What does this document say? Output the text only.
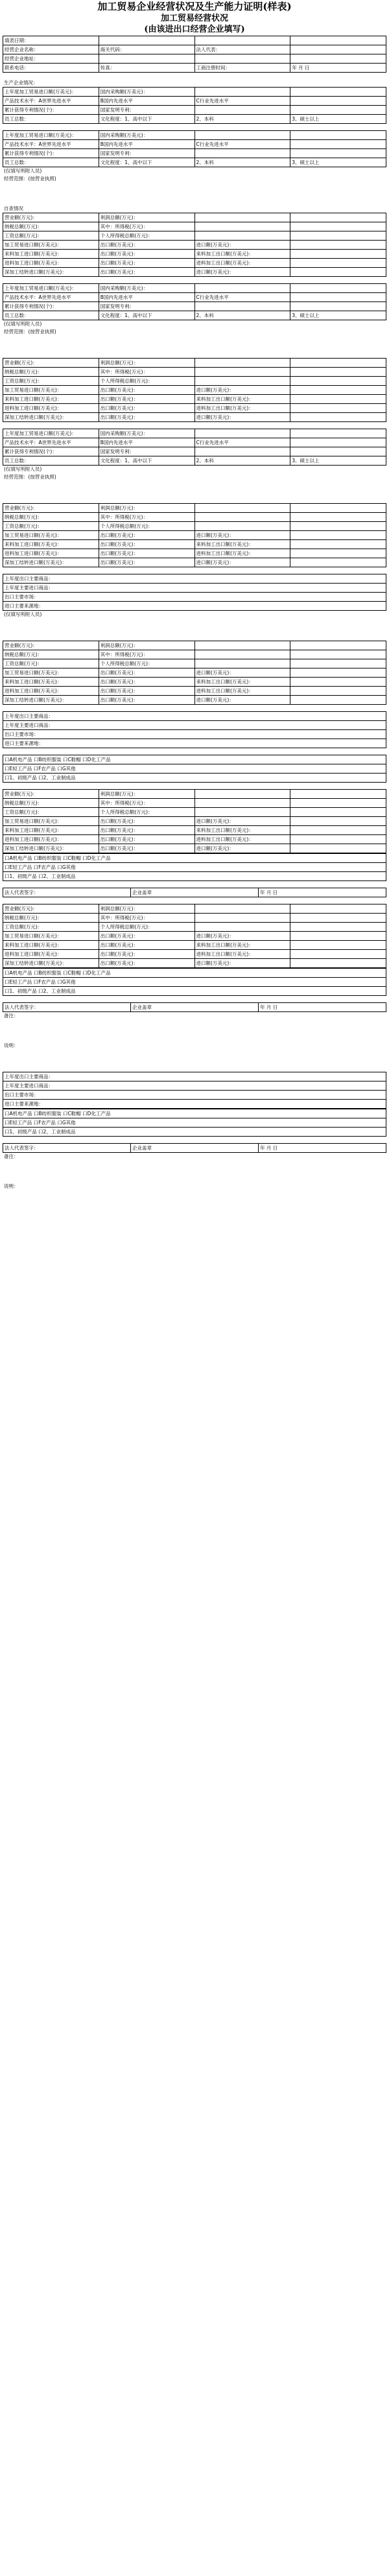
加工贸易企业经营状况及生产能力证明(样表)
加工贸易经营状况
(由该进出口经营企业填写)
填表日期：
经营企业名称：	海关代码：	法人代表：
经营企业地址：
联系电话：	传真：	工商注册时间：	年 月 日
生产企业情况：
上年度加工贸易进口额(万美元)：	国内采购额(万美元)：
产品技术水平：A世界先进水平	B国内先进水平	C行业先进水平
累计获得专利情况(个)：	国家发明专利：
员工总数：	文化程度：1、高中以下	2、本科	3、硕士以上
上年度加工贸易进口额(万美元)：	国内采购额(万美元)：
产品技术水平：A世界先进水平	B国内先进水平	C行业先进水平
累计获得专利情况(个)：	国家发明专利：
员工总数：	文化程度：1、高中以下	2、本科	3、硕士以上
(仅填写所附人员)
经营范围：(按营业执照)
自查情况
营业额(万元)：	利润总额(万元)：
纳税总额(万元)：	其中：所得税(万元)：
工资总额(万元)：	个人所得税总额(万元)：
加工贸易进口额(万美元)：	出口额(万美元)：	进口额(万美元)：
来料加工进口额(万美元)：	出口额(万美元)：	来料加工出口额(万美元)：
进料加工进口额(万美元)：	出口额(万美元)：	进料加工出口额(万美元)：
深加工结转进口额(万美元)：	出口额(万美元)：	进口额(万美元)：
上年度加工贸易进口额(万美元)：	国内采购额(万美元)：
产品技术水平：A世界先进水平	B国内先进水平	C行业先进水平
累计获得专利情况(个)：	国家发明专利：
员工总数：	文化程度：1、高中以下	2、本科	3、硕士以上
(仅填写所附人员)
经营范围：(按营业执照)
营业额(万元)：	利润总额(万元)：
纳税总额(万元)：	其中：所得税(万元)：
工资总额(万元)：	个人所得税总额(万元)：
加工贸易进口额(万美元)：	出口额(万美元)：	进口额(万美元)：
来料加工进口额(万美元)：	出口额(万美元)：	来料加工出口额(万美元)：
进料加工进口额(万美元)：	出口额(万美元)：	进料加工出口额(万美元)：
深加工结转进口额(万美元)：	出口额(万美元)：	进口额(万美元)：
上年度加工贸易进口额(万美元)：	国内采购额(万美元)：
产品技术水平：A世界先进水平	B国内先进水平	C行业先进水平
累计获得专利情况(个)：	国家发明专利：
员工总数：	文化程度：1、高中以下	2、本科	3、硕士以上
(仅填写所附人员)
经营范围：(按营业执照)
营业额(万元)：	利润总额(万元)：
纳税总额(万元)：	其中：所得税(万元)：
工资总额(万元)：	个人所得税总额(万元)：
加工贸易进口额(万美元)：	出口额(万美元)：	进口额(万美元)：
来料加工进口额(万美元)：	出口额(万美元)：	来料加工出口额(万美元)：
进料加工进口额(万美元)：	出口额(万美元)：	进料加工出口额(万美元)：
深加工结转进口额(万美元)：	出口额(万美元)：	进口额(万美元)：
上年度出口主要商品：
上年度主要进口商品：
出口主要市场：
进口主要来源地：
(仅填写所附人员)
营业额(万元)：	利润总额(万元)：
纳税总额(万元)：	其中：所得税(万元)：
工资总额(万元)：	个人所得税总额(万元)：
加工贸易进口额(万美元)：	出口额(万美元)：	进口额(万美元)：
来料加工进口额(万美元)：	出口额(万美元)：	来料加工出口额(万美元)：
进料加工进口额(万美元)：	出口额(万美元)：	进料加工出口额(万美元)：
深加工结转进口额(万美元)：	出口额(万美元)：	进口额(万美元)：
上年度出口主要商品：
上年度主要进口商品：
出口主要市场：
进口主要来源地：
口A机电产品 口B纺织服装 口C鞋帽 口D化工产品
口E轻工产品 口F农产品 口G其他
口1、初级产品 口2、工业制成品
营业额(万元)：	利润总额(万元)：
纳税总额(万元)：	其中：所得税(万元)：
工资总额(万元)：	个人所得税总额(万元)：
加工贸易进口额(万美元)：	出口额(万美元)：	进口额(万美元)：
来料加工进口额(万美元)：	出口额(万美元)：	来料加工出口额(万美元)：
进料加工进口额(万美元)：	出口额(万美元)：	进料加工出口额(万美元)：
深加工结转进口额(万美元)：	出口额(万美元)：	进口额(万美元)：
口A机电产品 口B纺织服装 口C鞋帽 口D化工产品
口E轻工产品 口F农产品 口G其他
口1、初级产品 口2、工业制成品
法人代表签字：	企业盖章	年 月 日
营业额(万元)：	利润总额(万元)：
纳税总额(万元)：	其中：所得税(万元)：
工资总额(万元)：	个人所得税总额(万元)：
加工贸易进口额(万美元)：	出口额(万美元)：	进口额(万美元)：
来料加工进口额(万美元)：	出口额(万美元)：	来料加工出口额(万美元)：
进料加工进口额(万美元)：	出口额(万美元)：	进料加工出口额(万美元)：
深加工结转进口额(万美元)：	出口额(万美元)：	进口额(万美元)：
口A机电产品 口B纺织服装 口C鞋帽 口D化工产品
口E轻工产品 口F农产品 口G其他
口1、初级产品 口2、工业制成品
法人代表签字：	企业盖章	年 月 日
备注：
说明：
上年度出口主要商品：
上年度主要进口商品：
出口主要市场：
进口主要来源地：
口A机电产品 口B纺织服装 口C鞋帽 口D化工产品
口E轻工产品 口F农产品 口G其他
口1、初级产品 口2、工业制成品
法人代表签字：	企业盖章	年 月 日
备注：
说明：
